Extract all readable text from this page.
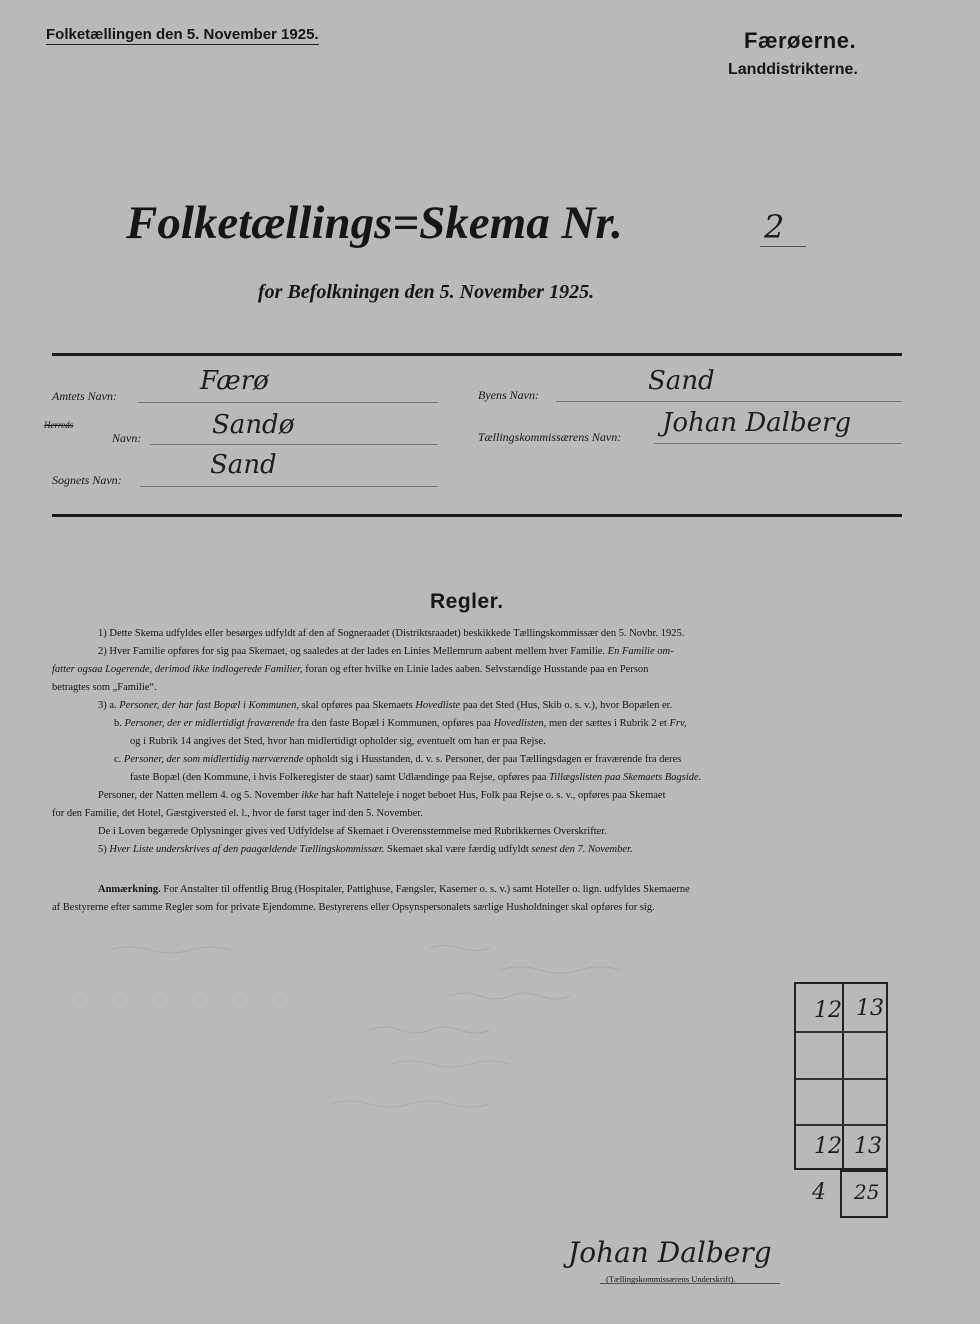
Folketællingen den 5. November 1925.	Færøerne.
Landdistrikterne.
Folketællings=Skema Nr.	2
for Befolkningen den 5. November 1925.
Amtets Navn:	Færø
Herreds
Navn:	Sandø
Sognets Navn:	Sand
Byens Navn:	Sand
Tællingskommissærens Navn: Johan Dalberg
Regler.
1) Dette Skema udfyldes eller besørges udfyldt af den af Sogneraadet (Distriktsraadet) beskikkede Tællingskommissær den 5. Novbr. 1925.
2) Hver Familie opføres for sig paa Skemaet, og saaledes at der lades en Linies Mellemrum aabent mellem hver Familie. En Familie om-
fatter ogsaa Logerende, derimod ikke indlogerede Familier, foran og efter hvilke en Linie lades aaben. Selvstændige Husstande paa en Person
betragtes som „Familie“.
3) a. Personer, der har fast Bopæl i Kommunen, skal opføres paa Skemaets Hovedliste paa det Sted (Hus, Skib o. s. v.), hvor Bopælen er.
b. Personer, der er midlertidigt fraværende fra den faste Bopæl i Kommunen, opføres paa Hovedlisten, men der sættes i Rubrik 2 et Frv,
og i Rubrik 14 angives det Sted, hvor han midlertidigt opholder sig, eventuelt om han er paa Rejse.
c. Personer, der som midlertidig nærværende opholdt sig i Husstanden, d. v. s. Personer, der paa Tællingsdagen er fraværende fra deres
faste Bopæl (den Kommune, i hvis Folkeregister de staar) samt Udlændinge paa Rejse, opføres paa Tillægslisten paa Skemaets Bagside.
Personer, der Natten mellem 4. og 5. November ikke har haft Natteleje i noget beboet Hus, Folk paa Rejse o. s. v., opføres paa Skemaet
for den Familie, det Hotel, Gæstgiversted el. l., hvor de først tager ind den 5. November.
De i Loven begærede Oplysninger gives ved Udfyldelse af Skemaet i Overensstemmelse med Rubrikkernes Overskrifter.
5) Hver Liste underskrives af den paagældende Tællingskommissær. Skemaet skal være færdig udfyldt senest den 7. November.
Anmærkning. For Anstalter til offentlig Brug (Hospitaler, Pattighuse, Fængsler, Kaserner o. s. v.) samt Hoteller o. lign. udfyldes Skemaerne
af Bestyrerne efter samme Regler som for private Ejendomme. Bestyrerens eller Opsynspersonalets særlige Husholdninger skal opføres for sig.
12 13
12 13
4 25
Johan Dalberg
(Tællingskommissærens Underskrift).
